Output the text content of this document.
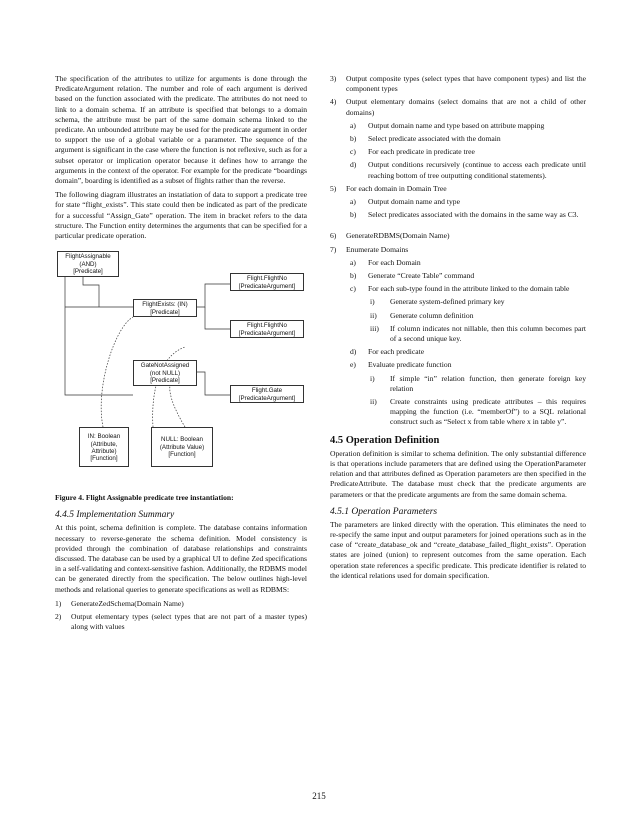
The specification of the attributes to utilize for arguments is done through the PredicateArgument relation. The number and role of each argument is derived based on the function associated with the predicate. The attributes do not need to link to a domain schema. If an attribute is specified that belongs to a domain schema, the attribute must be part of the same domain schema linked to the predicate. An unbounded attribute may be used for the predicate argument in order to support the use of a global variable or a parameter. The sequence of the argument is significant in the case where the function is not reflexive, such as for a subset operator or implication operator because it defines how to arrange the arguments in the context of the operator. For example for the predicate “boardings domain”, boarding is identified as a subset of flights rather than the reverse.

The following diagram illustrates an instatiation of data to support a predicate tree for state “flight_exists”. This state could then be indicated as part of the predicate for a successful “Assign_Gate” operation. The item in bracket refers to the data structure. The Function entity determines the arguments that can be specified for a particular predicate operation.

FlightAssignable
(AND)
[Predicate]
FlightExists: (IN)
[Predicate]
Flight.FlightNo
[PredicateArgument]
Flight.FlightNo
[PredicateArgument]
GateNotAssigned
(not NULL)
[Predicate]
Flight.Gate
[PredicateArgument]
IN: Boolean
(Attribute,
Attribute)
[Function]
NULL: Boolean
(Attribute Value)
[Function]

Figure 4. Flight Assignable predicate tree instantiation:

4.4.5 Implementation Summary

At this point, schema definition is complete. The database contains information necessary to reverse-generate the schema definition. Model consistency is provided through the combination of database relationships and constraints discussed. The database can be used by a graphical UI to define Zed specifications in a self-validating and context-sensitive fashion. Additionally, the RDBMS model can be generated directly from the specification. The below outlines high-level methods and relational queries to generate specifications as well as RDBMS:

1) GenerateZedSchema(Domain Name)
2) Output elementary types (select types that are not part of a master types) along with values
3) Output composite types (select types that have component types) and list the component types
4) Output elementary domains (select domains that are not a child of other domains)
a) Output domain name and type based on attribute mapping
b) Select predicate associated with the domain
c) For each predicate in predicate tree
d) Output conditions recursively (continue to access each predicate until reaching bottom of tree outputting conditional statements).
5) For each domain in Domain Tree
a) Output domain name and type
b) Select predicates associated with the domains in the same way as C3.
6) GenerateRDBMS(Domain Name)
7) Enumerate Domains
a) For each Domain
b) Generate “Create Table” command
c) For each sub-type found in the attribute linked to the domain table
i) Generate system-defined primary key
ii) Generate column definition
iii) If column indicates not nillable, then this column becomes part of a second unique key.
d) For each predicate
e) Evaluate predicate function
i) If simple “in” relation function, then generate foreign key relation
ii) Create constraints using predicate attributes – this requires mapping the function (i.e. “memberOf”) to a SQL relational construct such as “Select x from table where x in table y”.
4.5 Operation Definition

Operation definition is similar to schema definition. The only substantial difference is that operations include parameters that are defined using the OperationParameter relation and that attributes defined as Operation parameters are then specified in the PredicateAttribute. The database must check that the predicate arguments are parameters or that the predicate arguments are from the same domain schema.

4.5.1 Operation Parameters

The parameters are linked directly with the operation. This eliminates the need to re-specify the same input and output parameters for joined operations such as in the case of “create_database_ok and “create_database_failed_flight_exists”. Operation states are joined (union) to represent outcomes from the same operation. Each operation state references a specific predicate. This predicate identifier is related to the identical relations used for domain specification.

215
